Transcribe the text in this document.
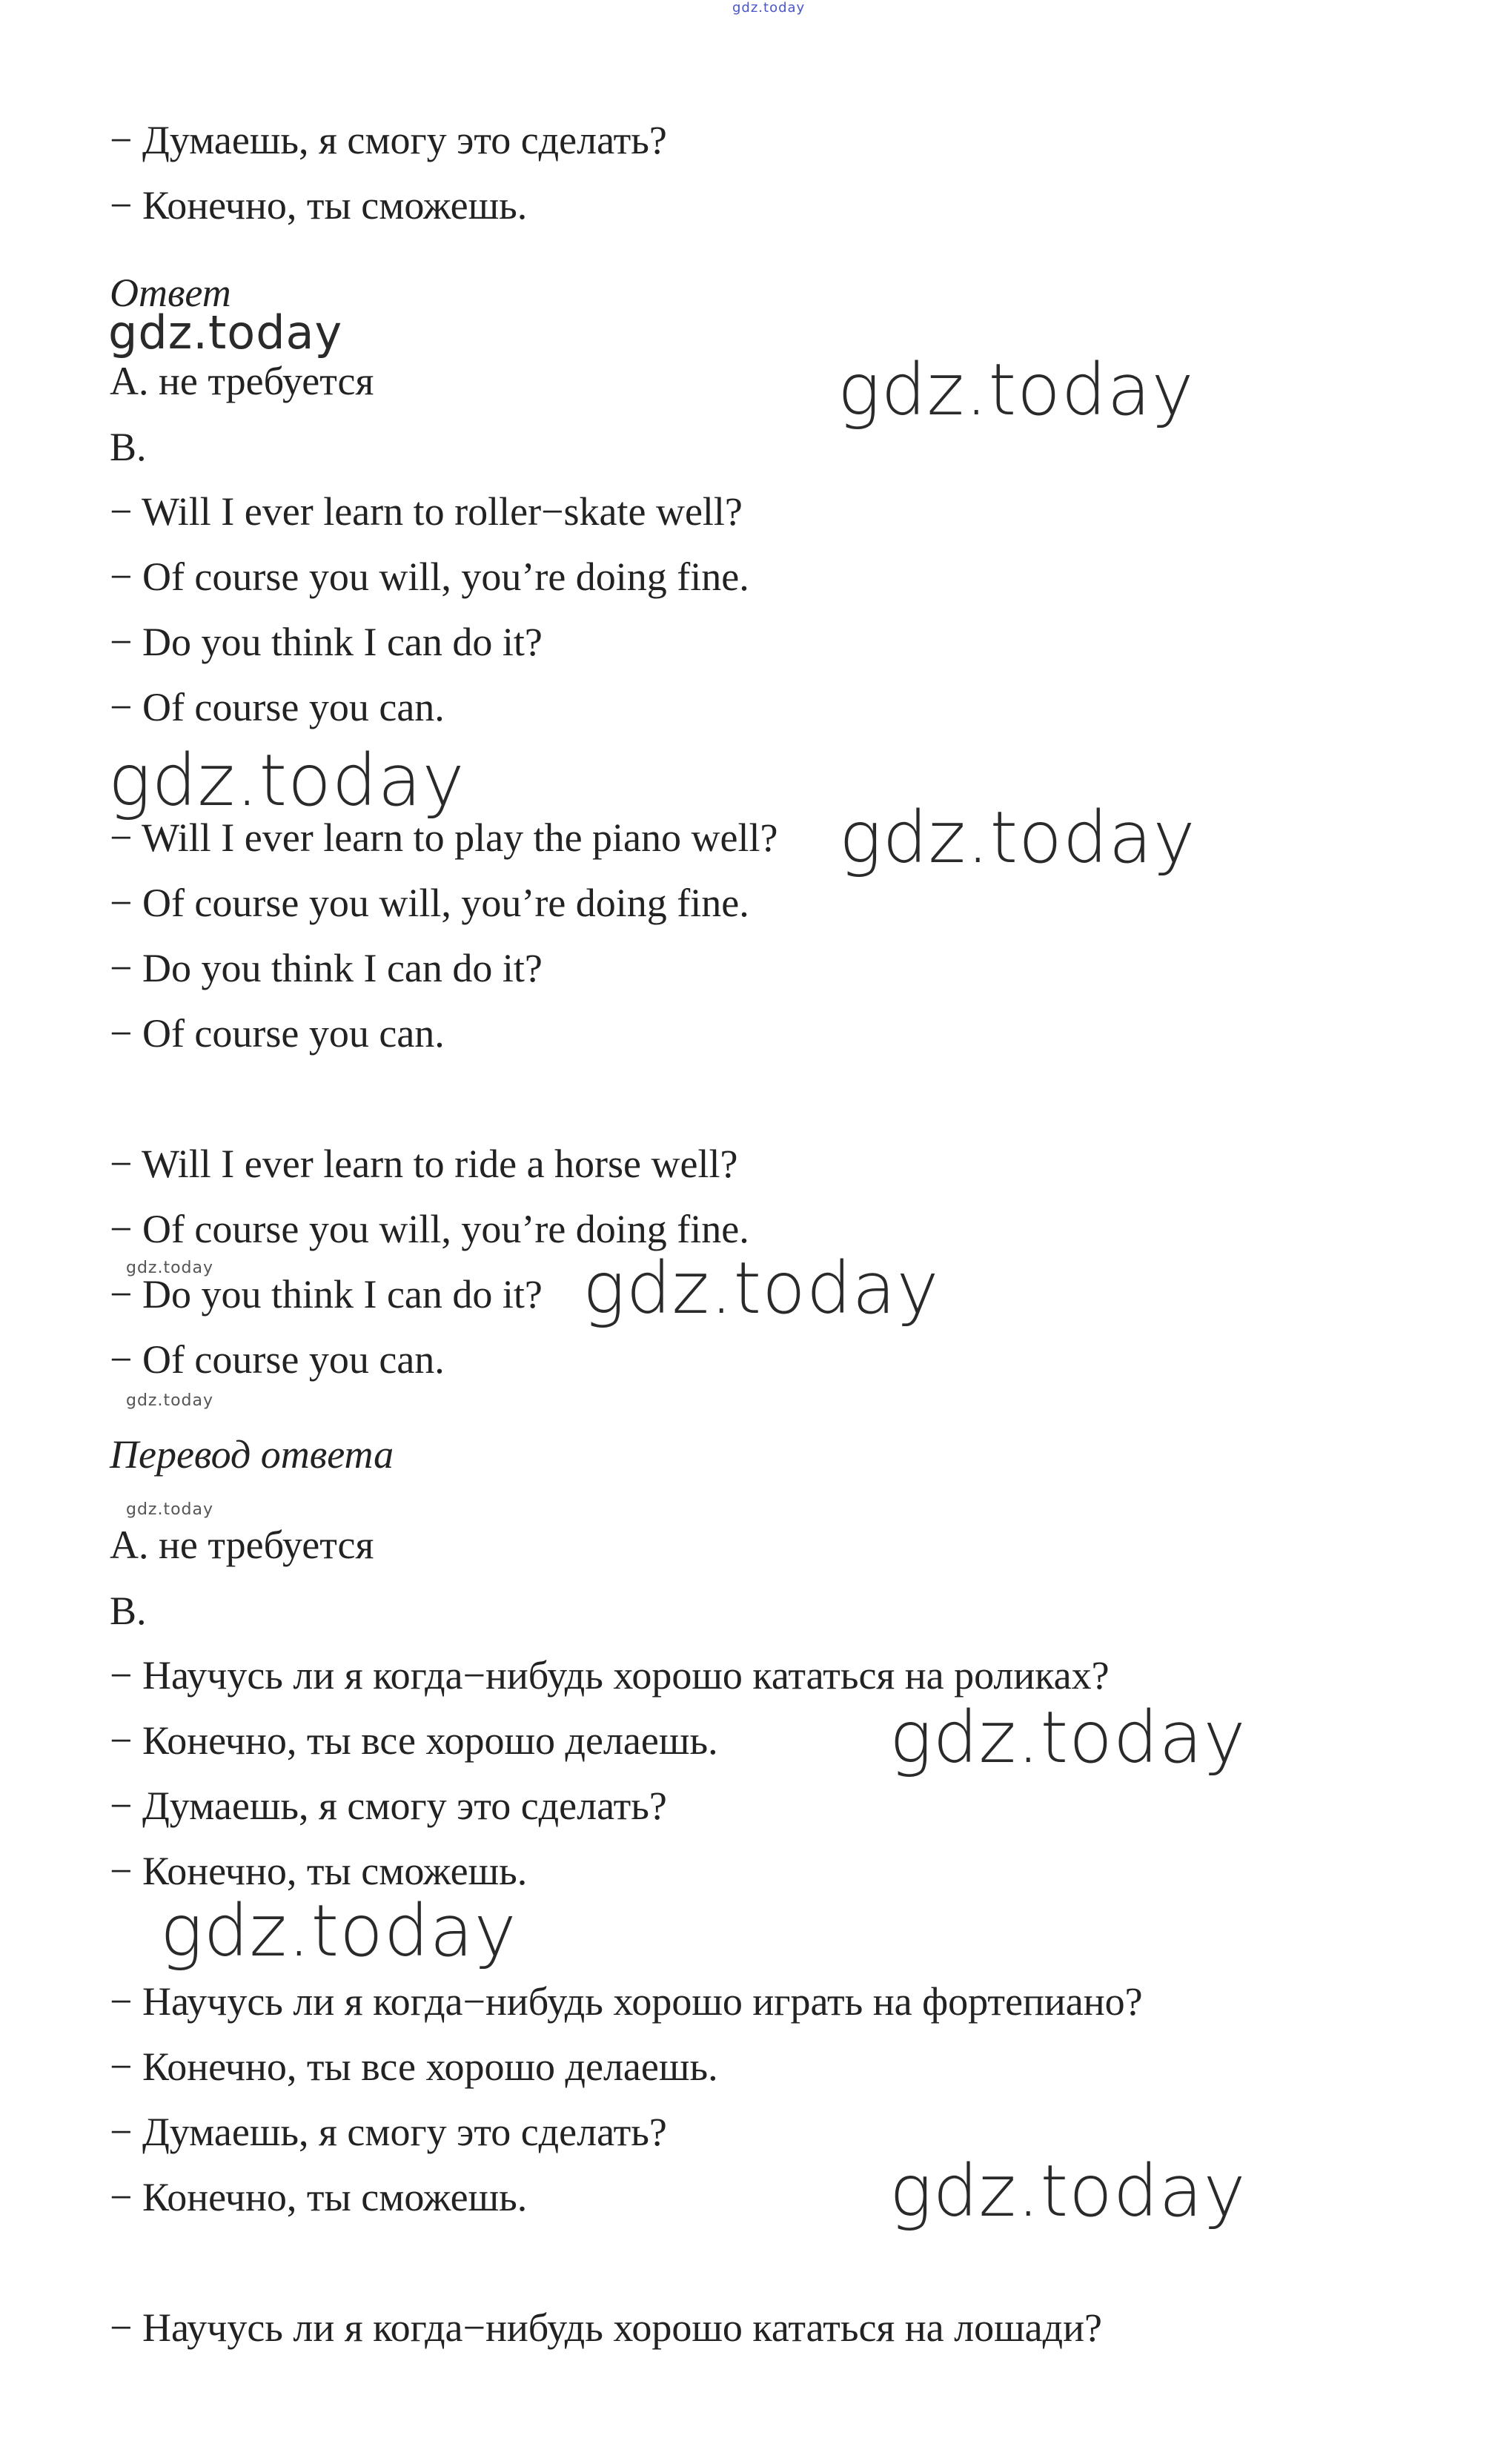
gdz.today
− Думаешь, я смогу это сделать?
− Конечно, ты сможешь.
Ответ
А. не требуется
B.
− Will I ever learn to roller−skate well?
− Of course you will, you’re doing fine.
− Do you think I can do it?
− Of course you can.
− Will I ever learn to play the piano well?
− Of course you will, you’re doing fine.
− Do you think I can do it?
− Of course you can.
− Will I ever learn to ride a horse well?
− Of course you will, you’re doing fine.
− Do you think I can do it?
− Of course you can.
Перевод ответа
А. не требуется
B.
− Научусь ли я когда−нибудь хорошо кататься на роликах?
− Конечно, ты все хорошо делаешь.
− Думаешь, я смогу это сделать?
− Конечно, ты сможешь.
− Научусь ли я когда−нибудь хорошо играть на фортепиано?
− Конечно, ты все хорошо делаешь.
− Думаешь, я смогу это сделать?
− Конечно, ты сможешь.
− Научусь ли я когда−нибудь хорошо кататься на лошади?
gdz.today
gdz.today
gdz.today
gdz.today
gdz.today	gdz.today
gdz.today
gdz.today
gdz.today
gdz.today
gdz.today
